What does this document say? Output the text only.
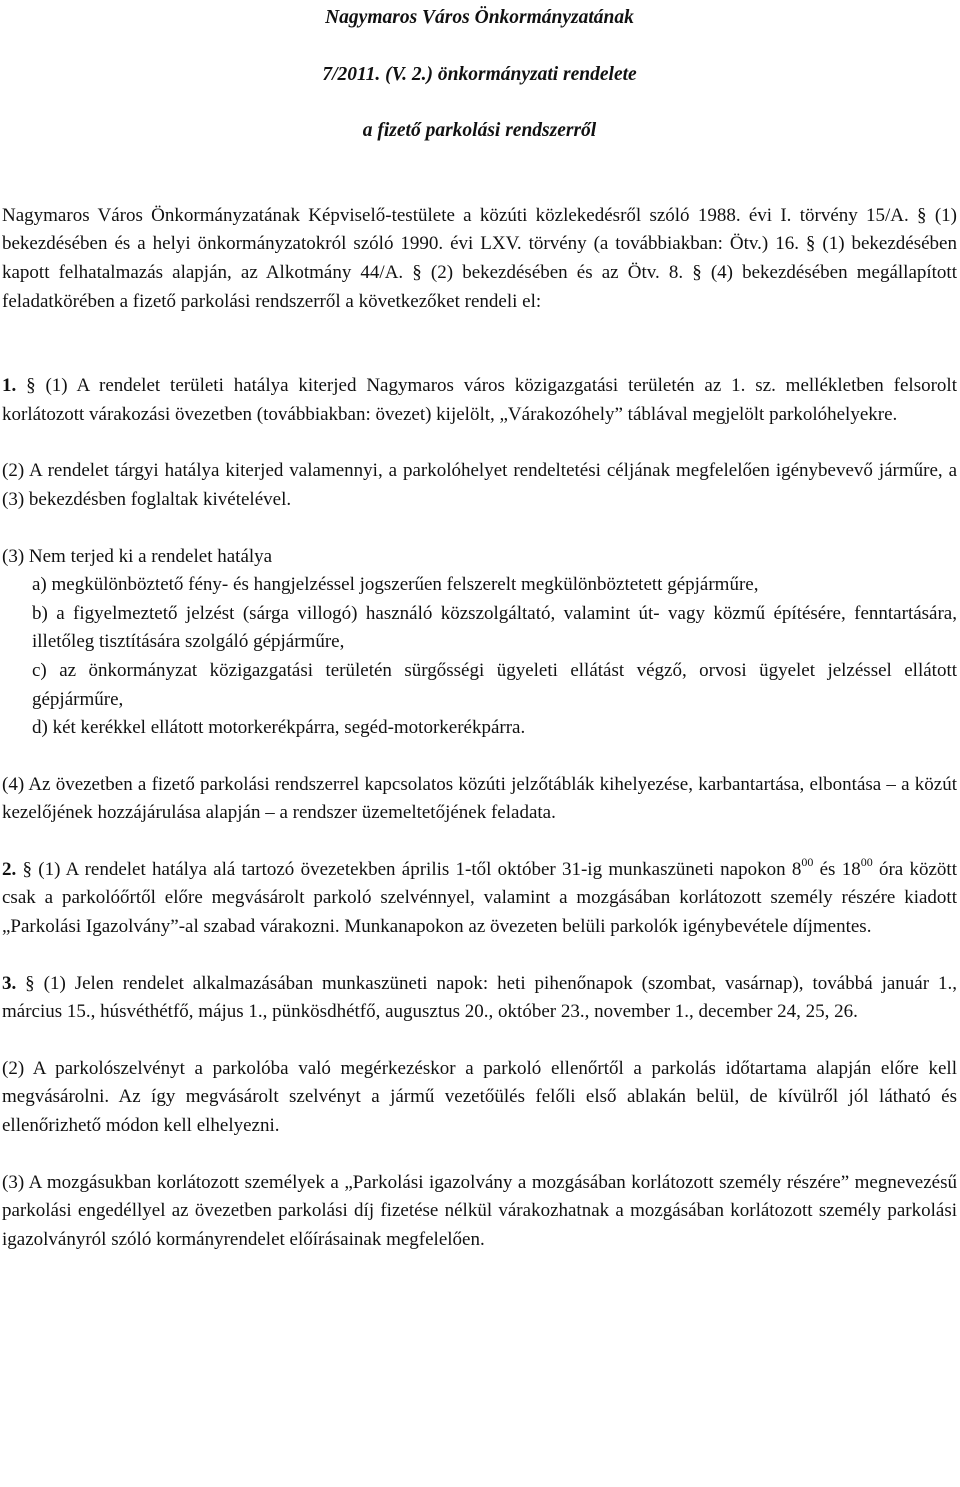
Nagymaros Város Önkormányzatának

7/2011. (V. 2.) önkormányzati rendelete

a fizető parkolási rendszerről

Nagymaros Város Önkormányzatának Képviselő-testülete a közúti közlekedésről szóló 1988. évi I. törvény 15/A. § (1) bekezdésében és a helyi önkormányzatokról szóló 1990. évi LXV. törvény (a továbbiakban: Ötv.) 16. § (1) bekezdésében kapott felhatalmazás alapján, az Alkotmány 44/A. § (2) bekezdésében és az Ötv. 8. § (4) bekezdésében megállapított feladatkörében a fizető parkolási rendszerről a következőket rendeli el:

1. § (1) A rendelet területi hatálya kiterjed Nagymaros város közigazgatási területén az 1. sz. mellékletben felsorolt korlátozott várakozási övezetben (továbbiakban: övezet) kijelölt, „Várakozóhely” táblával megjelölt parkolóhelyekre.

(2) A rendelet tárgyi hatálya kiterjed valamennyi, a parkolóhelyet rendeltetési céljának megfelelően igénybevevő járműre, a (3) bekezdésben foglaltak kivételével.

(3) Nem terjed ki a rendelet hatálya

a) megkülönböztető fény- és hangjelzéssel jogszerűen felszerelt megkülönböztetett gépjárműre,

b) a figyelmeztető jelzést (sárga villogó) használó közszolgáltató, valamint út- vagy közmű építésére, fenntartására, illetőleg tisztítására szolgáló gépjárműre,

c) az önkormányzat közigazgatási területén sürgősségi ügyeleti ellátást végző, orvosi ügyelet jelzéssel ellátott gépjárműre,

d) két kerékkel ellátott motorkerékpárra, segéd-motorkerékpárra.

(4) Az övezetben a fizető parkolási rendszerrel kapcsolatos közúti jelzőtáblák kihelyezése, karbantartása, elbontása – a közút kezelőjének hozzájárulása alapján – a rendszer üzemeltetőjének feladata.

2. § (1) A rendelet hatálya alá tartozó övezetekben április 1-től október 31-ig munkaszüneti napokon $8^{00}$ és $18^{00}$ óra között csak a parkolóőrtől előre megvásárolt parkoló szelvénnyel, valamint a mozgásában korlátozott személy részére kiadott „Parkolási Igazolvány”-al szabad várakozni. Munkanapokon az övezeten belüli parkolók igénybevétele díjmentes.

3. § (1) Jelen rendelet alkalmazásában munkaszüneti napok: heti pihenőnapok (szombat, vasárnap), továbbá január 1., március 15., húsvéthétfő, május 1., pünkösdhétfő, augusztus 20., október 23., november 1., december 24, 25, 26.

(2) A parkolószelvényt a parkolóba való megérkezéskor a parkoló ellenőrtől a parkolás időtartama alapján előre kell megvásárolni. Az így megvásárolt szelvényt a jármű vezetőülés felőli első ablakán belül, de kívülről jól látható és ellenőrizhető módon kell elhelyezni.

(3) A mozgásukban korlátozott személyek a „Parkolási igazolvány a mozgásában korlátozott személy részére” megnevezésű parkolási engedéllyel az övezetben parkolási díj fizetése nélkül várakozhatnak a mozgásában korlátozott személy parkolási igazolványról szóló kormányrendelet előírásainak megfelelően.
